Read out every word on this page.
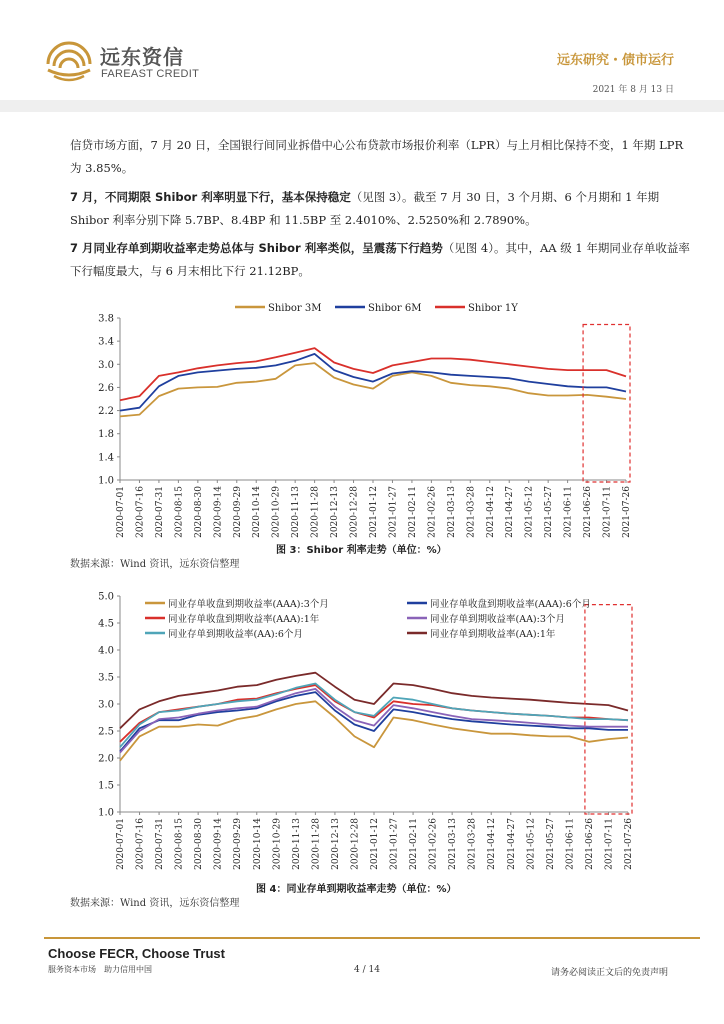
远东资信
FAREAST CREDIT
远东研究・债市运行
2021 年 8 月 13 日
信贷市场方面，7 月 20 日，全国银行间同业拆借中心公布贷款市场报价利率（LPR）与上月相比保持不变，1 年期 LPR 为 3.85%。
7 月，不同期限 Shibor 利率明显下行，基本保持稳定（见图 3）。截至 7 月 30 日，3 个月期、6 个月期和 1 年期 Shibor 利率分别下降 5.7BP、8.4BP 和 11.5BP 至 2.4010%、2.5250%和 2.7890%。
7 月同业存单到期收益率走势总体与 Shibor 利率类似，呈震荡下行趋势（见图 4）。其中，AA 级 1 年期同业存单收益率下行幅度最大，与 6 月末相比下行 21.12BP。
1.0
1.4
1.8
2.2
2.6
3.0
3.4
3.8
2020-07-01 2020-07-16 2020-07-31 2020-08-15 2020-08-30 2020-09-14 2020-09-29 2020-10-14 2020-10-29 2020-11-13 2020-11-28 2020-12-13 2020-12-28 2021-01-12 2021-01-27 2021-02-11 2021-02-26 2021-03-13 2021-03-28 2021-04-12 2021-04-27 2021-05-12 2021-05-27 2021-06-11 2021-06-26 2021-07-11 2021-07-26
Shibor 3M	Shibor 6M	Shibor 1Y
图 3：Shibor 利率走势（单位：%）
数据来源：Wind 资讯，远东资信整理
1.0
1.5
2.0
2.5
3.0
3.5
4.0
4.5
5.0
2020-07-01 2020-07-16 2020-07-31 2020-08-15 2020-08-30 2020-09-14 2020-09-29 2020-10-14 2020-10-29 2020-11-13 2020-11-28 2020-12-13 2020-12-28 2021-01-12 2021-01-27 2021-02-11 2021-02-26 2021-03-13 2021-03-28 2021-04-12 2021-04-27 2021-05-12 2021-05-27 2021-06-11 2021-06-26 2021-07-11 2021-07-26
同业存单收盘到期收益率(AAA):3个月	同业存单收盘到期收益率(AAA):6个月
同业存单收盘到期收益率(AAA):1年	同业存单到期收益率(AA):3个月
同业存单到期收益率(AA):6个月	同业存单到期收益率(AA):1年
图 4：同业存单到期收益率走势（单位：%）
数据来源：Wind 资讯，远东资信整理
Choose FECR, Choose Trust
服务资本市场　助力信用中国	4 / 14	请务必阅读正文后的免责声明
